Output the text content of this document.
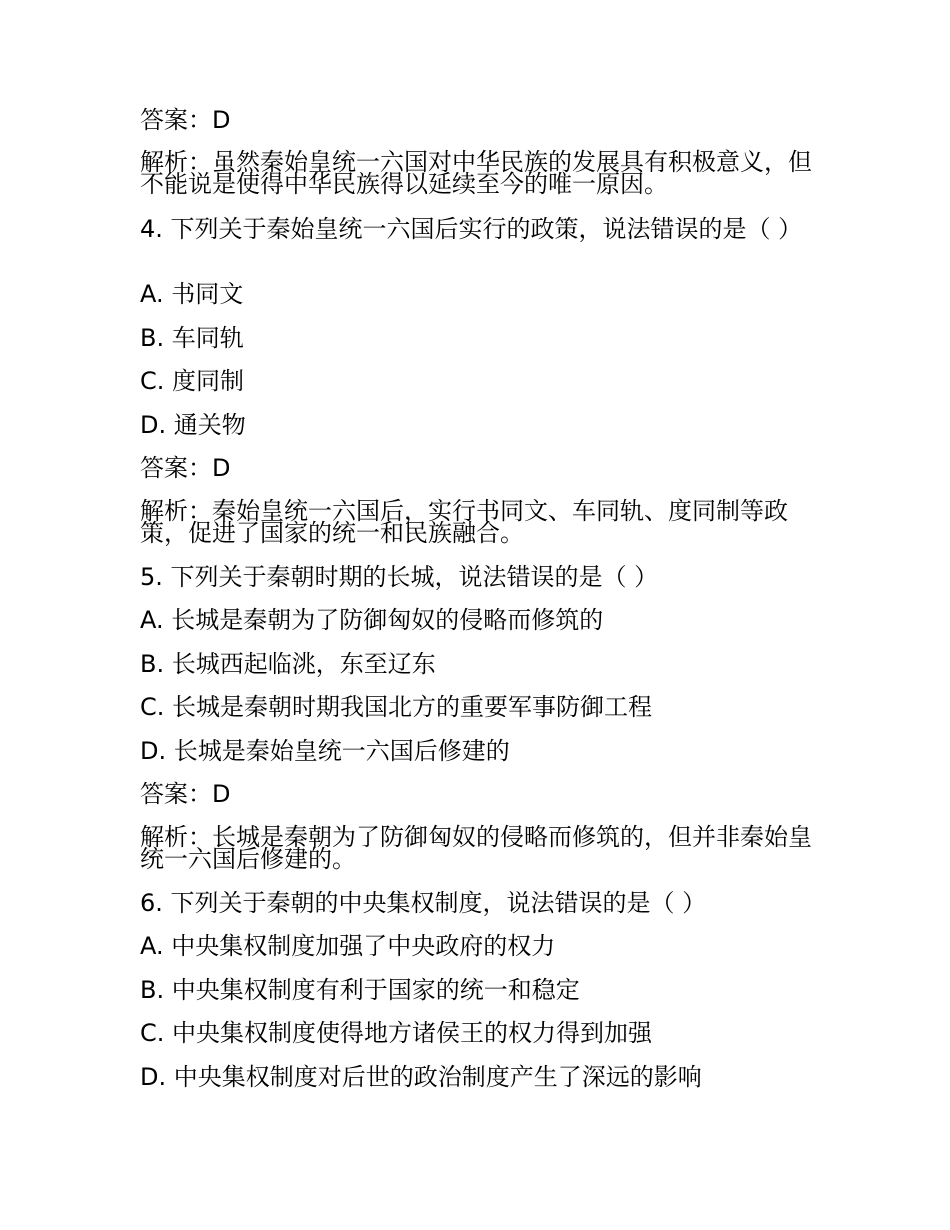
答案：D
解析：虽然秦始皇统一六国对中华民族的发展具有积极意义，但不能说是使得中华民族得以延续至今的唯一原因。
4. 下列关于秦始皇统一六国后实行的政策，说法错误的是（ ）
A. 书同文
B. 车同轨
C. 度同制
D. 通关物
答案：D
解析：秦始皇统一六国后，实行书同文、车同轨、度同制等政策，促进了国家的统一和民族融合。
5. 下列关于秦朝时期的长城，说法错误的是（ ）
A. 长城是秦朝为了防御匈奴的侵略而修筑的
B. 长城西起临洮，东至辽东
C. 长城是秦朝时期我国北方的重要军事防御工程
D. 长城是秦始皇统一六国后修建的
答案：D
解析：长城是秦朝为了防御匈奴的侵略而修筑的，但并非秦始皇统一六国后修建的。
6. 下列关于秦朝的中央集权制度，说法错误的是（ ）
A. 中央集权制度加强了中央政府的权力
B. 中央集权制度有利于国家的统一和稳定
C. 中央集权制度使得地方诸侯王的权力得到加强
D. 中央集权制度对后世的政治制度产生了深远的影响
